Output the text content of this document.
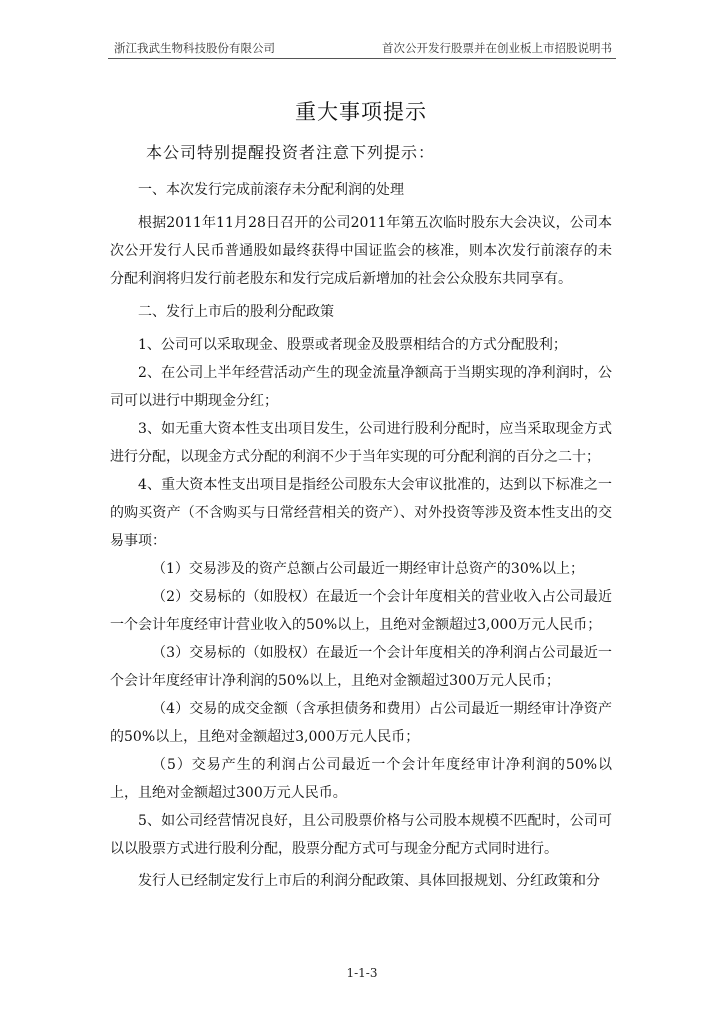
浙江我武生物科技股份有限公司	首次公开发行股票并在创业板上市招股说明书
重大事项提示
本公司特别提醒投资者注意下列提示：
一、本次发行完成前滚存未分配利润的处理

根据2011年11月28日召开的公司2011年第五次临时股东大会决议，公司本次公开发行人民币普通股如最终获得中国证监会的核准，则本次发行前滚存的未分配利润将归发行前老股东和发行完成后新增加的社会公众股东共同享有。

二、发行上市后的股利分配政策

1、公司可以采取现金、股票或者现金及股票相结合的方式分配股利；

2、在公司上半年经营活动产生的现金流量净额高于当期实现的净利润时，公司可以进行中期现金分红；

3、如无重大资本性支出项目发生，公司进行股利分配时，应当采取现金方式进行分配，以现金方式分配的利润不少于当年实现的可分配利润的百分之二十；

4、重大资本性支出项目是指经公司股东大会审议批准的，达到以下标准之一的购买资产（不含购买与日常经营相关的资产）、对外投资等涉及资本性支出的交易事项：

（1）交易涉及的资产总额占公司最近一期经审计总资产的30%以上；

（2）交易标的（如股权）在最近一个会计年度相关的营业收入占公司最近一个会计年度经审计营业收入的50%以上，且绝对金额超过3,000万元人民币；

（3）交易标的（如股权）在最近一个会计年度相关的净利润占公司最近一个会计年度经审计净利润的50%以上，且绝对金额超过300万元人民币；

（4）交易的成交金额（含承担债务和费用）占公司最近一期经审计净资产的50%以上，且绝对金额超过3,000万元人民币；

（5）交易产生的利润占公司最近一个会计年度经审计净利润的50%以上，且绝对金额超过300万元人民币。

5、如公司经营情况良好，且公司股票价格与公司股本规模不匹配时，公司可以以股票方式进行股利分配，股票分配方式可与现金分配方式同时进行。

发行人已经制定发行上市后的利润分配政策、具体回报规划、分红政策和分

1-1-3
